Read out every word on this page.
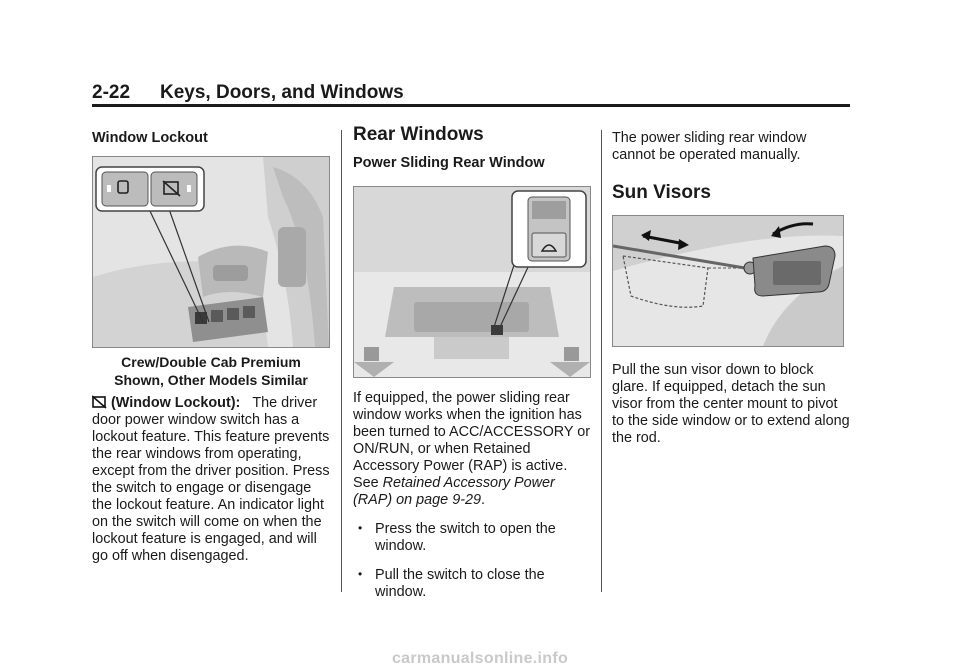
2-22 Keys, Doors, and Windows
Window Lockout
Crew/Double Cab Premium
Shown, Other Models Similar

(Window Lockout): The driver door power window switch has a lockout feature. This feature prevents the rear windows from operating, except from the driver position. Press the switch to engage or disengage the lockout feature. An indicator light on the switch will come on when the lockout feature is engaged, and will go off when disengaged.

Rear Windows
Power Sliding Rear Window

If equipped, the power sliding rear window works when the ignition has been turned to ACC/ACCESSORY or ON/RUN, or when Retained Accessory Power (RAP) is active. See Retained Accessory Power (RAP) on page 9-29.

• Press the switch to open the window.
• Pull the switch to close the window.

The power sliding rear window cannot be operated manually.

Sun Visors

Pull the sun visor down to block glare. If equipped, detach the sun visor from the center mount to pivot to the side window or to extend along the rod.

carmanualsonline.info
